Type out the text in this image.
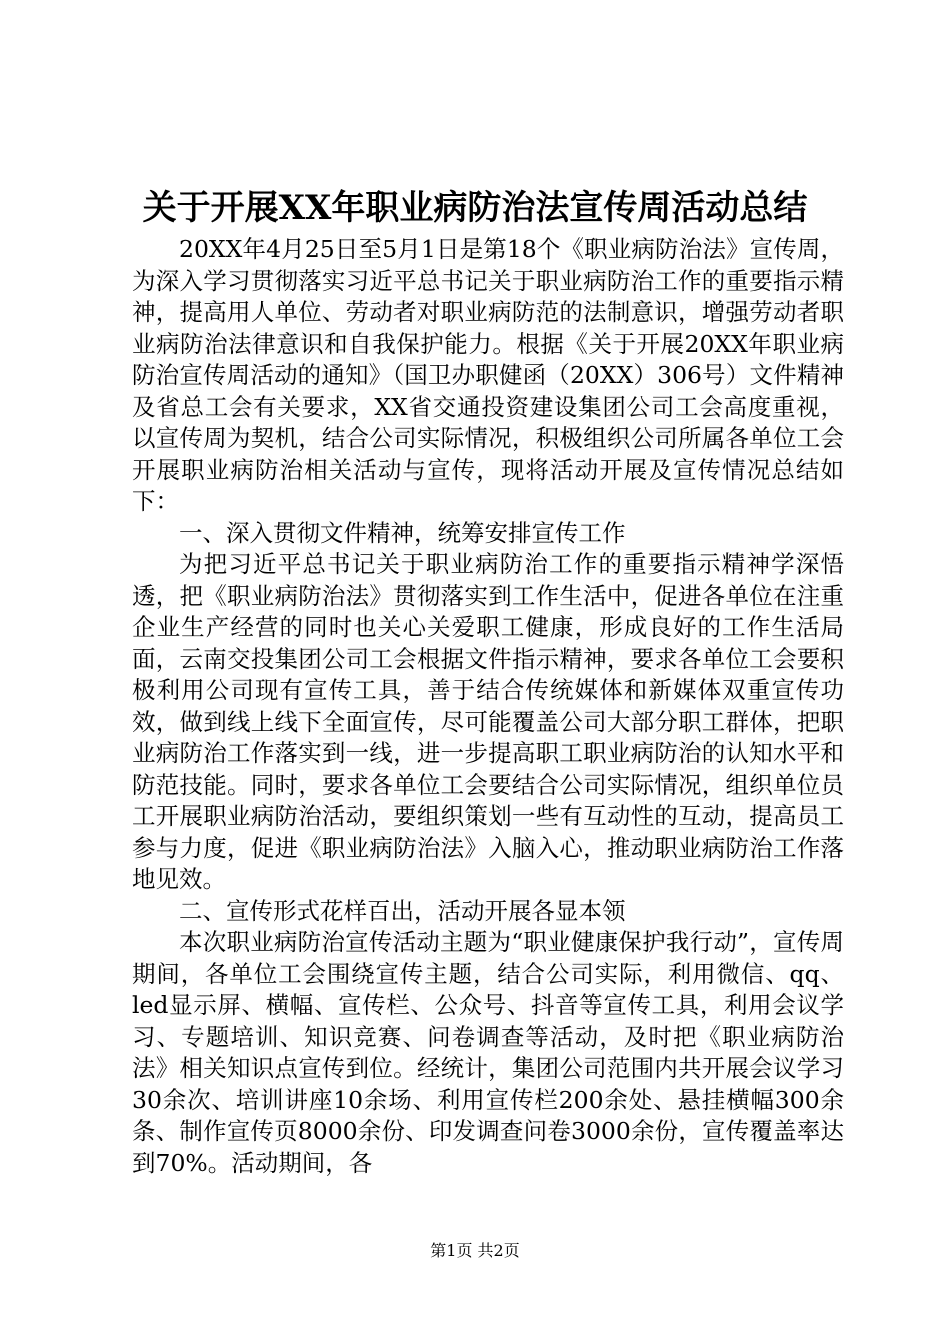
关于开展XX年职业病防治法宣传周活动总结

20XX年4月25日至5月1日是第18个《职业病防治法》宣传周，为深入学习贯彻落实习近平总书记关于职业病防治工作的重要指示精神，提高用人单位、劳动者对职业病防范的法制意识，增强劳动者职业病防治法律意识和自我保护能力。根据《关于开展20XX年职业病防治宣传周活动的通知》（国卫办职健函（20XX）306号）文件精神及省总工会有关要求，XX省交通投资建设集团公司工会高度重视，以宣传周为契机，结合公司实际情况，积极组织公司所属各单位工会开展职业病防治相关活动与宣传，现将活动开展及宣传情况总结如下：

一、深入贯彻文件精神，统筹安排宣传工作

为把习近平总书记关于职业病防治工作的重要指示精神学深悟透，把《职业病防治法》贯彻落实到工作生活中，促进各单位在注重企业生产经营的同时也关心关爱职工健康，形成良好的工作生活局面，云南交投集团公司工会根据文件指示精神，要求各单位工会要积极利用公司现有宣传工具，善于结合传统媒体和新媒体双重宣传功效，做到线上线下全面宣传，尽可能覆盖公司大部分职工群体，把职业病防治工作落实到一线，进一步提高职工职业病防治的认知水平和防范技能。同时，要求各单位工会要结合公司实际情况，组织单位员工开展职业病防治活动，要组织策划一些有互动性的互动，提高员工参与力度，促进《职业病防治法》入脑入心，推动职业病防治工作落地见效。

二、宣传形式花样百出，活动开展各显本领

本次职业病防治宣传活动主题为“职业健康保护我行动”，宣传周期间，各单位工会围绕宣传主题，结合公司实际，利用微信、qq、led显示屏、横幅、宣传栏、公众号、抖音等宣传工具，利用会议学习、专题培训、知识竞赛、问卷调查等活动，及时把《职业病防治法》相关知识点宣传到位。经统计，集团公司范围内共开展会议学习30余次、培训讲座10余场、利用宣传栏200余处、悬挂横幅300余条、制作宣传页8000余份、印发调查问卷3000余份，宣传覆盖率达到70%。活动期间，各

第1页 共2页
